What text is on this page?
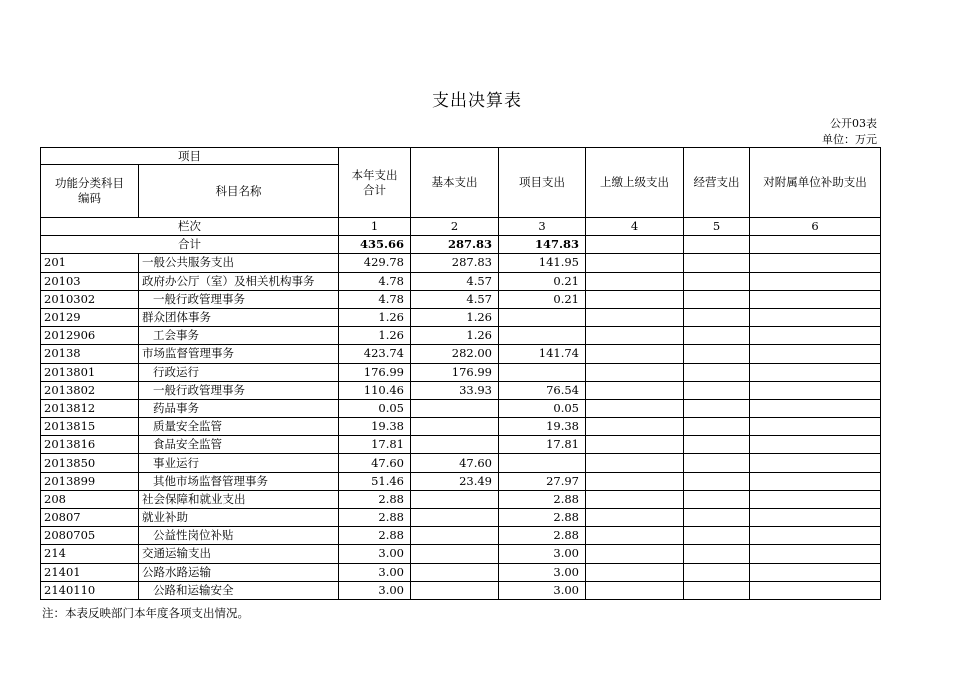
支出决算表
公开03表
单位：万元
项目		本年支出
合计	基本支出	项目支出	上缴上级支出	经营支出	对附属单位补助支出
功能分类科目
编码	科目名称						
栏次		1	2	3	4	5	6
合计		435.66	287.83	147.83			
201	一般公共服务支出	429.78	287.83	141.95			
20103	政府办公厅（室）及相关机构事务	4.78	4.57	0.21			
2010302	一般行政管理事务	4.78	4.57	0.21			
20129	群众团体事务	1.26	1.26				
2012906	工会事务	1.26	1.26				
20138	市场监督管理事务	423.74	282.00	141.74			
2013801	行政运行	176.99	176.99				
2013802	一般行政管理事务	110.46	33.93	76.54			
2013812	药品事务	0.05		0.05			
2013815	质量安全监管	19.38		19.38			
2013816	食品安全监管	17.81		17.81			
2013850	事业运行	47.60	47.60				
2013899	其他市场监督管理事务	51.46	23.49	27.97			
208	社会保障和就业支出	2.88		2.88			
20807	就业补助	2.88		2.88			
2080705	公益性岗位补贴	2.88		2.88			
214	交通运输支出	3.00		3.00			
21401	公路水路运输	3.00		3.00			
2140110	公路和运输安全	3.00		3.00			
注：本表反映部门本年度各项支出情况。
